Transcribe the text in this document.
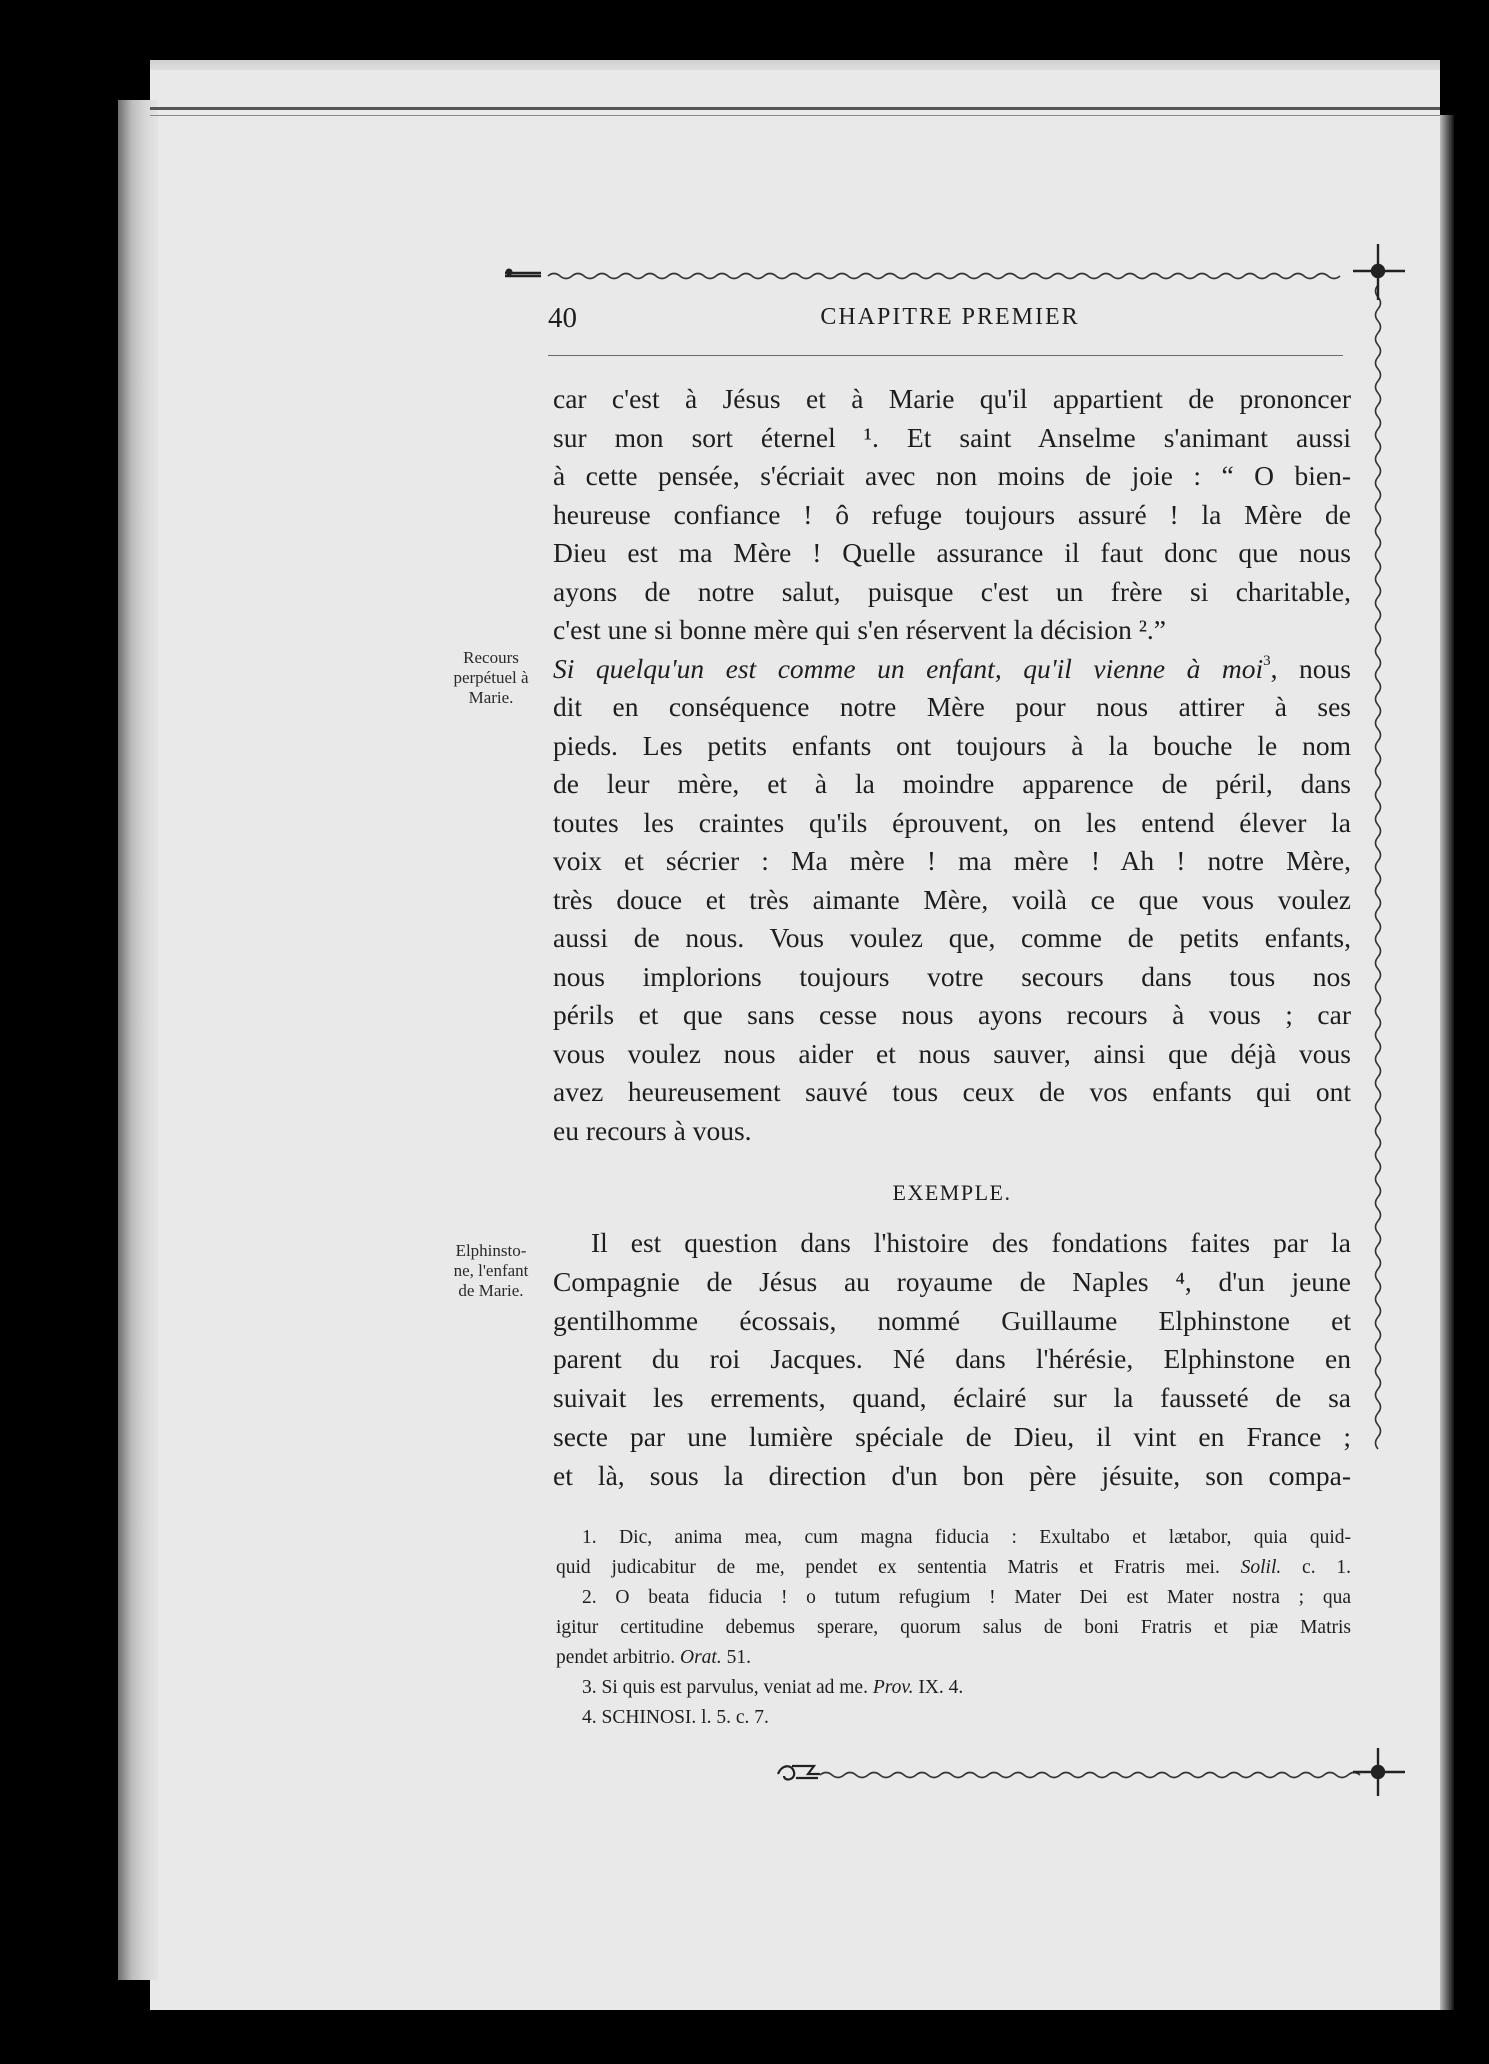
40	CHAPITRE PREMIER
Recours
perpétuel à
Marie.
Elphinsto-
ne, l'enfant
de Marie.
car c'est à Jésus et à Marie qu'il appartient de prononcer
sur mon sort éternel ¹. Et saint Anselme s'animant aussi
à cette pensée, s'écriait avec non moins de joie : “ O bien-
heureuse confiance ! ô refuge toujours assuré ! la Mère de
Dieu est ma Mère ! Quelle assurance il faut donc que nous
ayons de notre salut, puisque c'est un frère si charitable,
c'est une si bonne mère qui s'en réservent la décision ².”
Si quelqu'un est comme un enfant, qu'il vienne à moi$^3$, nous
dit en conséquence notre Mère pour nous attirer à ses
pieds. Les petits enfants ont toujours à la bouche le nom
de leur mère, et à la moindre apparence de péril, dans
toutes les craintes qu'ils éprouvent, on les entend élever la
voix et sécrier : Ma mère ! ma mère ! Ah ! notre Mère,
très douce et très aimante Mère, voilà ce que vous voulez
aussi de nous. Vous voulez que, comme de petits enfants,
nous implorions toujours votre secours dans tous nos
périls et que sans cesse nous ayons recours à vous ; car
vous voulez nous aider et nous sauver, ainsi que déjà vous
avez heureusement sauvé tous ceux de vos enfants qui ont
eu recours à vous.
EXEMPLE.
Il est question dans l'histoire des fondations faites par la
Compagnie de Jésus au royaume de Naples ⁴, d'un jeune
gentilhomme écossais, nommé Guillaume Elphinstone et
parent du roi Jacques. Né dans l'hérésie, Elphinstone en
suivait les errements, quand, éclairé sur la fausseté de sa
secte par une lumière spéciale de Dieu, il vint en France ;
et là, sous la direction d'un bon père jésuite, son compa-
1. Dic, anima mea, cum magna fiducia : Exultabo et lætabor, quia quid-
quid judicabitur de me, pendet ex sententia Matris et Fratris mei. Solil. c. 1.
2. O beata fiducia ! o tutum refugium ! Mater Dei est Mater nostra ; qua
igitur certitudine debemus sperare, quorum salus de boni Fratris et piæ Matris
pendet arbitrio. Orat. 51.
3. Si quis est parvulus, veniat ad me. Prov. IX. 4.
4. SCHINOSI. l. 5. c. 7.
